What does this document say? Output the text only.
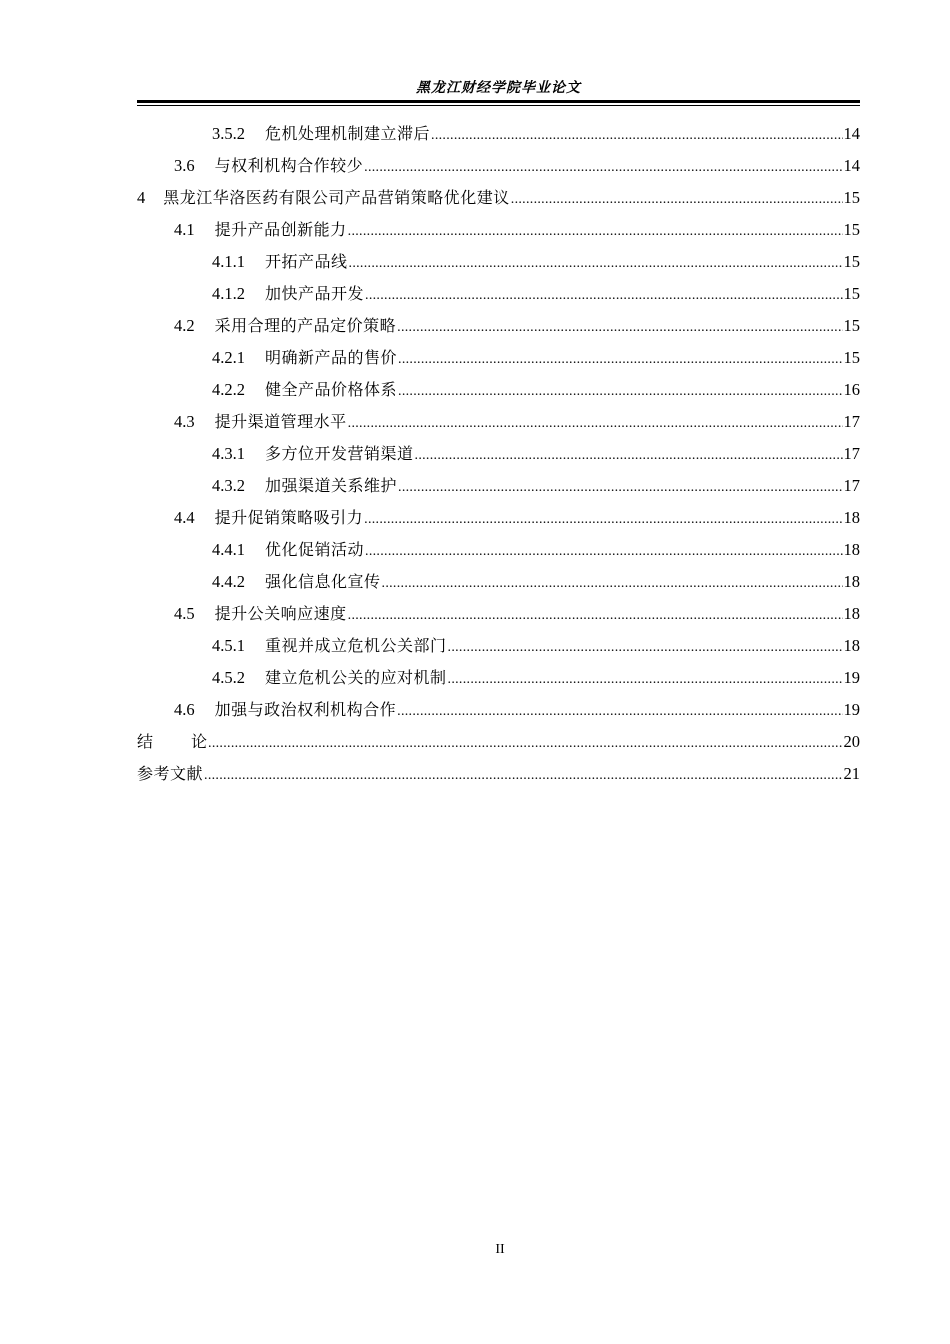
黑龙江财经学院毕业论文
3.5.2 危机处理机制建立滞后 .....	14
3.6 与权利机构合作较少 .....	14
4 黑龙江华洛医药有限公司产品营销策略优化建议 .....	15
4.1 提升产品创新能力 .....	15
4.1.1 开拓产品线 .....	15
4.1.2 加快产品开发 .....	15
4.2 采用合理的产品定价策略 .....	15
4.2.1 明确新产品的售价 .....	15
4.2.2 健全产品价格体系 .....	16
4.3 提升渠道管理水平 .....	17
4.3.1 多方位开发营销渠道 .....	17
4.3.2 加强渠道关系维护 .....	17
4.4 提升促销策略吸引力 .....	18
4.4.1 优化促销活动 .....	18
4.4.2 强化信息化宣传 .....	18
4.5 提升公关响应速度 .....	18
4.5.1 重视并成立危机公关部门 .....	18
4.5.2 建立危机公关的应对机制 .....	19
4.6 加强与政治权利机构合作 .....	19
结 论 .....	20
参考文献 .....	21
II
